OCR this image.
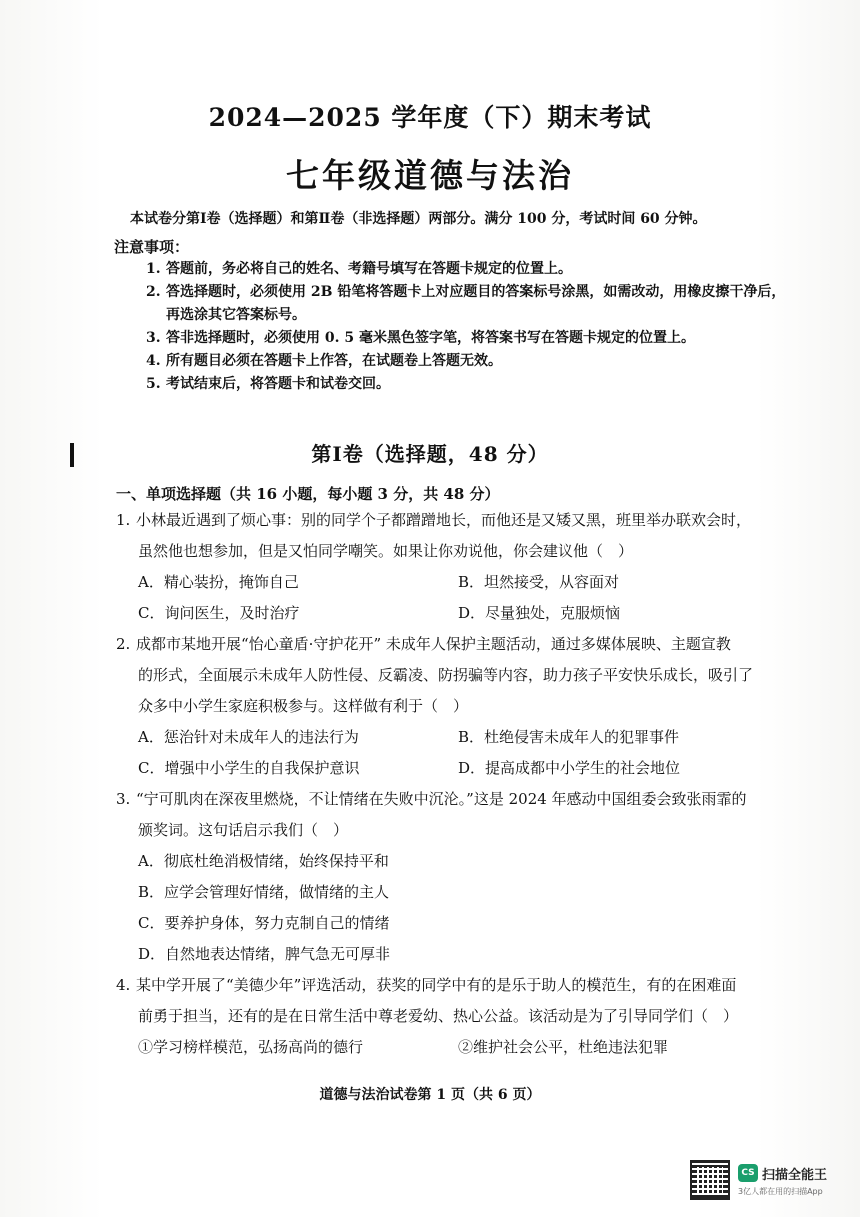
2024—2025 学年度（下）期末考试
七年级道德与法治
本试卷分第Ⅰ卷（选择题）和第Ⅱ卷（非选择题）两部分。满分 100 分，考试时间 60 分钟。
注意事项：
1. 答题前，务必将自己的姓名、考籍号填写在答题卡规定的位置上。
2. 答选择题时，必须使用 2B 铅笔将答题卡上对应题目的答案标号涂黑，如需改动，用橡皮擦干净后，再选涂其它答案标号。
3. 答非选择题时，必须使用 0. 5 毫米黑色签字笔，将答案书写在答题卡规定的位置上。
4. 所有题目必须在答题卡上作答，在试题卷上答题无效。
5. 考试结束后，将答题卡和试卷交回。
第Ⅰ卷（选择题，48 分）
一、单项选择题（共 16 小题，每小题 3 分，共 48 分）
1. 小林最近遇到了烦心事：别的同学个子都蹭蹭地长，而他还是又矮又黑，班里举办联欢会时，
虽然他也想参加，但是又怕同学嘲笑。如果让你劝说他，你会建议他（　）
A．精心装扮，掩饰自己	B．坦然接受，从容面对
C．询问医生，及时治疗	D．尽量独处，克服烦恼
2. 成都市某地开展“怡心童盾·守护花开” 未成年人保护主题活动，通过多媒体展映、主题宣教
的形式，全面展示未成年人防性侵、反霸凌、防拐骗等内容，助力孩子平安快乐成长，吸引了
众多中小学生家庭积极参与。这样做有利于（　）
A．惩治针对未成年人的违法行为	B．杜绝侵害未成年人的犯罪事件
C．增强中小学生的自我保护意识	D．提高成都中小学生的社会地位
3. “宁可肌肉在深夜里燃烧，不让情绪在失败中沉沦。”这是 2024 年感动中国组委会致张雨霏的
颁奖词。这句话启示我们（　）
A．彻底杜绝消极情绪，始终保持平和
B．应学会管理好情绪，做情绪的主人
C．要养护身体，努力克制自己的情绪
D．自然地表达情绪，脾气急无可厚非
4. 某中学开展了“美德少年”评选活动，获奖的同学中有的是乐于助人的模范生，有的在困难面
前勇于担当，还有的是在日常生活中尊老爱幼、热心公益。该活动是为了引导同学们（　）
①学习榜样模范，弘扬高尚的德行	②维护社会公平，杜绝违法犯罪
道德与法治试卷第 1 页（共 6 页）
CS 扫描全能王
3亿人都在用的扫描App
